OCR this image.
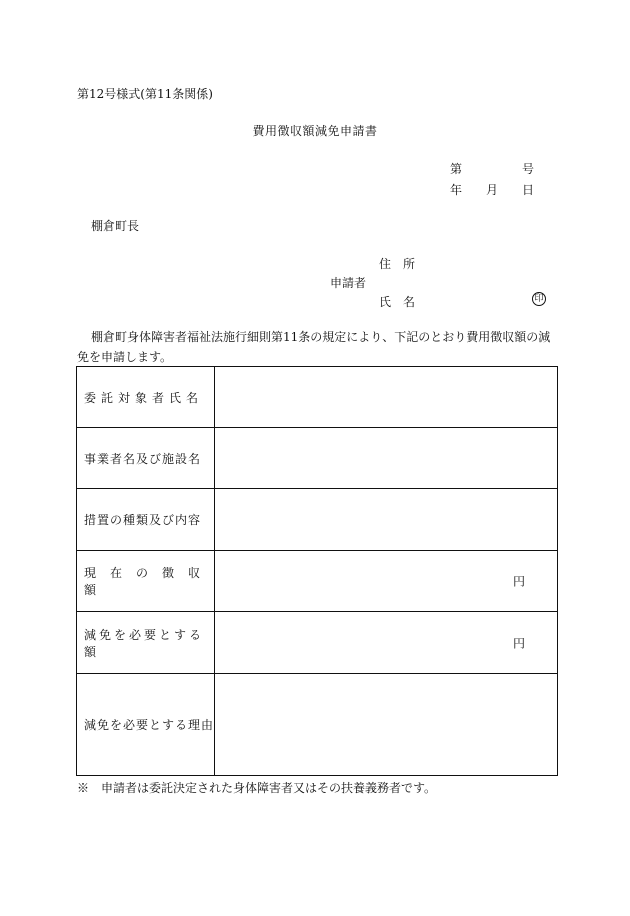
第12号様式(第11条関係)
費用徴収額減免申請書
第	号
年 月 日
棚倉町長
住所
申請者
氏名	印
棚倉町身体障害者福祉法施行細則第11条の規定により、下記のとおり費用徴収額の減免を申請します。
委託対象者氏名	
事業者名及び施設名	
措置の種類及び内容	
現在の徴収額	円

減免を必要とする額	円

減免を必要とする理由	
※　申請者は委託決定された身体障害者又はその扶養義務者です。
